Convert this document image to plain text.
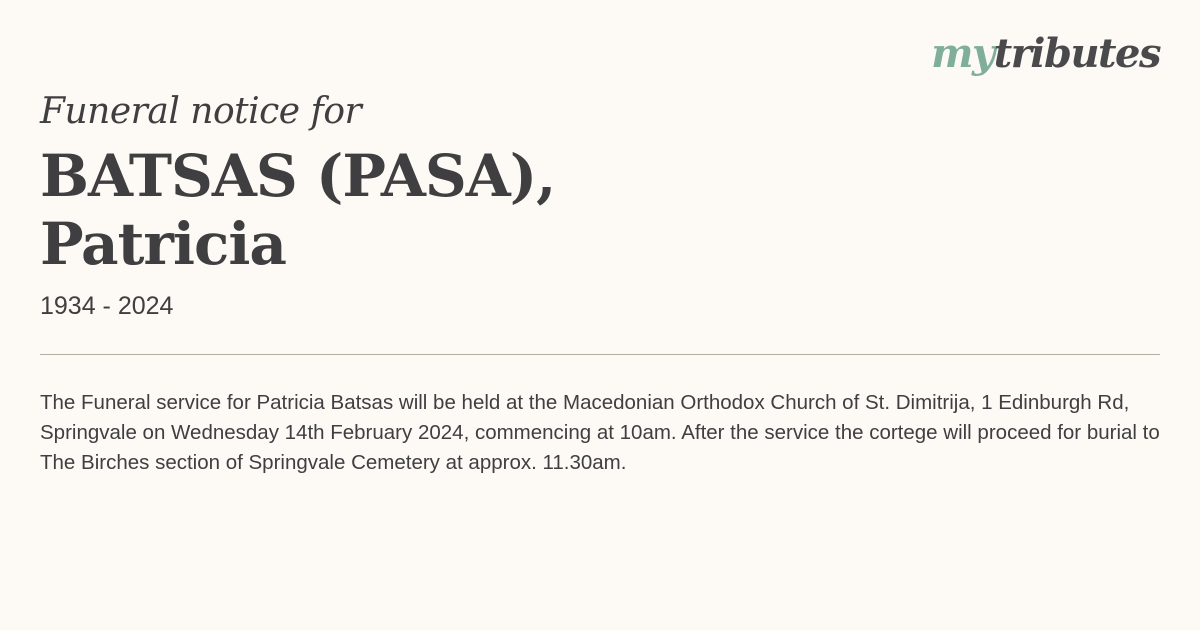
mytributes
Funeral notice for
BATSAS (PASA),
Patricia

1934 - 2024

The Funeral service for Patricia Batsas will be held at the Macedonian Orthodox Church of St. Dimitrija, 1 Edinburgh Rd, Springvale on Wednesday 14th February 2024, commencing at 10am. After the service the cortege will proceed for burial to The Birches section of Springvale Cemetery at approx. 11.30am.
